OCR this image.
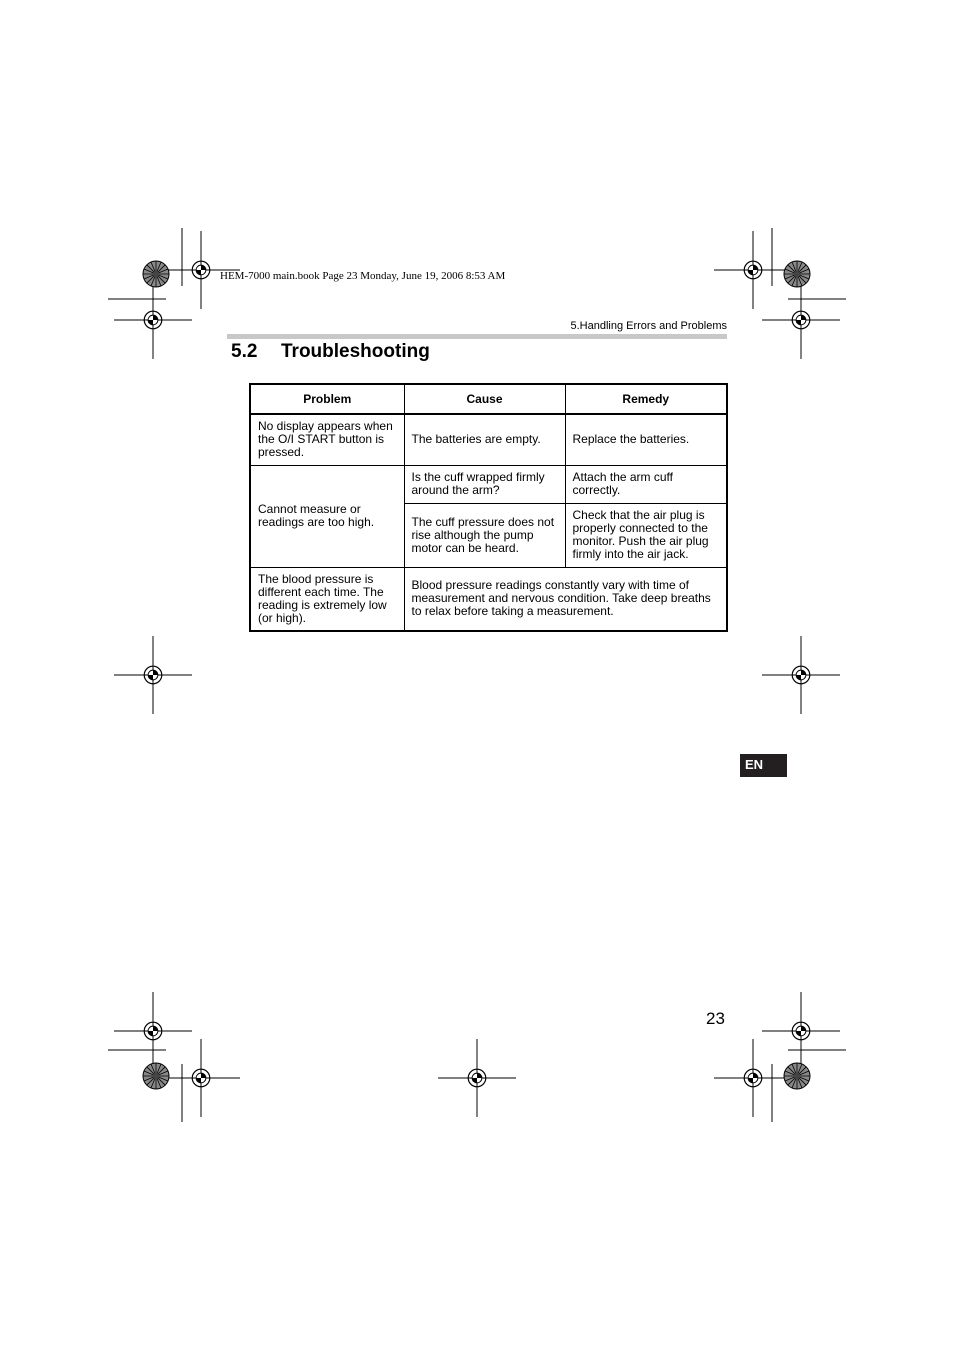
HEM-7000 main.book Page 23 Monday, June 19, 2006 8:53 AM
5.Handling Errors and Problems
5.2 Troubleshooting
Problem	Cause	Remedy
No display appears when the O/I START button is pressed.	The batteries are empty.	Replace the batteries.
Cannot measure or readings are too high.	Is the cuff wrapped firmly around the arm?	Attach the arm cuff correctly.
	The cuff pressure does not rise although the pump motor can be heard.	Check that the air plug is properly connected to the monitor. Push the air plug firmly into the air jack.
The blood pressure is different each time. The reading is extremely low (or high).	Blood pressure readings constantly vary with time of measurement and nervous condition. Take deep breaths to relax before taking a measurement.	
EN
23
